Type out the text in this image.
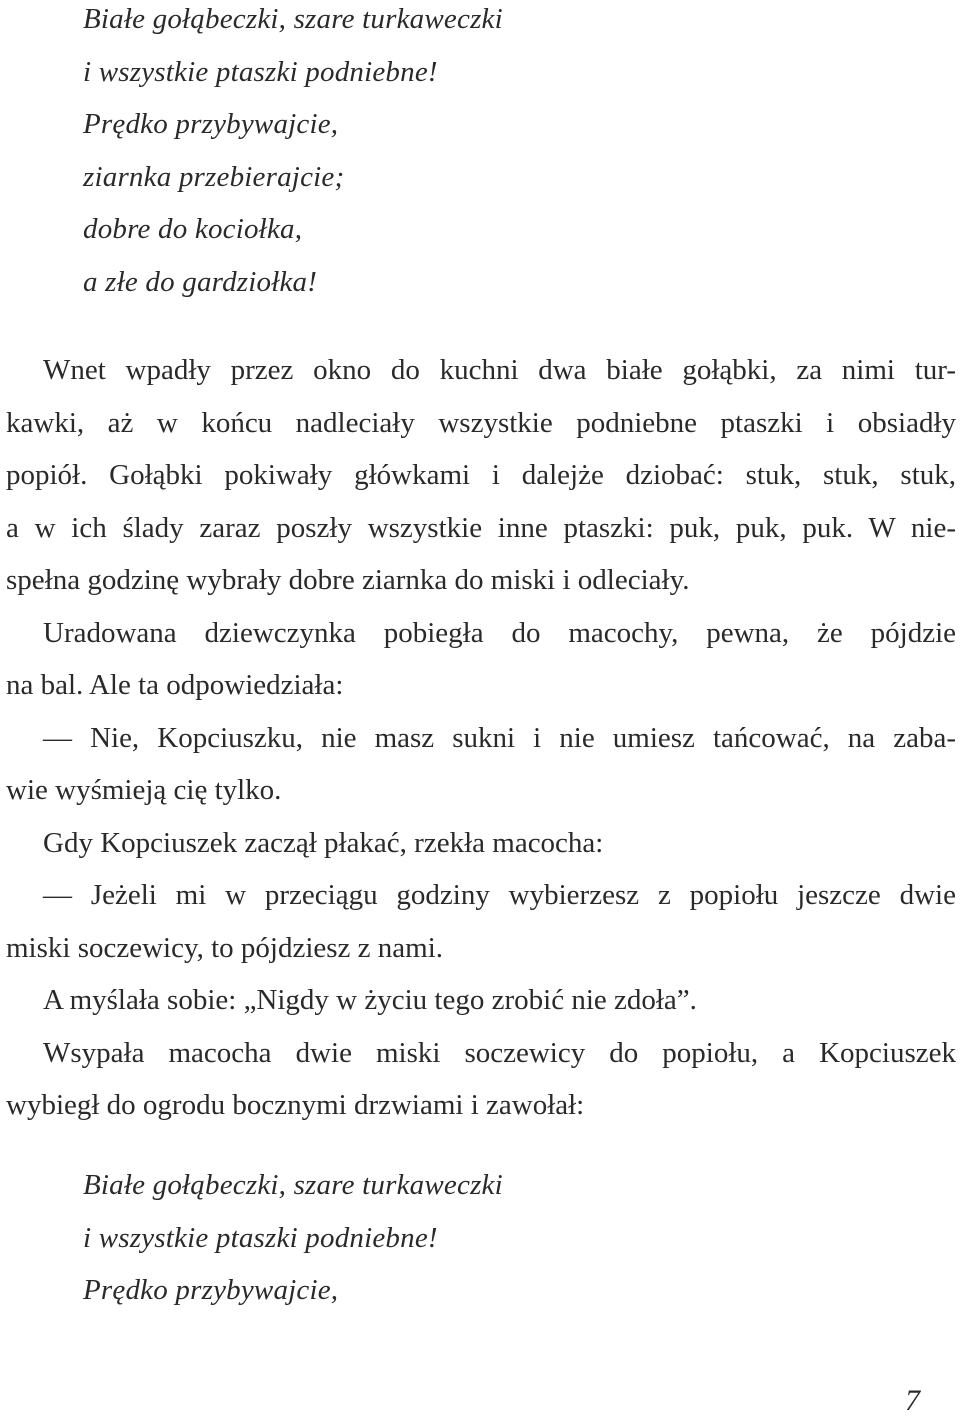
Białe gołąbeczki, szare turkaweczki
i wszystkie ptaszki podniebne!
Prędko przybywajcie,
ziarnka przebierajcie;
dobre do kociołka,
a złe do gardziołka!
Wnet wpadły przez okno do kuchni dwa białe gołąbki, za nimi tur-
kawki, aż w końcu nadleciały wszystkie podniebne ptaszki i obsiadły
popiół. Gołąbki pokiwały główkami i dalejże dziobać: stuk, stuk, stuk,
a w ich ślady zaraz poszły wszystkie inne ptaszki: puk, puk, puk. W nie-
spełna godzinę wybrały dobre ziarnka do miski i odleciały.
Uradowana dziewczynka pobiegła do macochy, pewna, że pójdzie
na bal. Ale ta odpowiedziała:
— Nie, Kopciuszku, nie masz sukni i nie umiesz tańcować, na zaba-
wie wyśmieją cię tylko.
Gdy Kopciuszek zaczął płakać, rzekła macocha:
— Jeżeli mi w przeciągu godziny wybierzesz z popiołu jeszcze dwie
miski soczewicy, to pójdziesz z nami.
A myślała sobie: „Nigdy w życiu tego zrobić nie zdoła”.
Wsypała macocha dwie miski soczewicy do popiołu, a Kopciuszek
wybiegł do ogrodu bocznymi drzwiami i zawołał:
Białe gołąbeczki, szare turkaweczki
i wszystkie ptaszki podniebne!
Prędko przybywajcie,
7
